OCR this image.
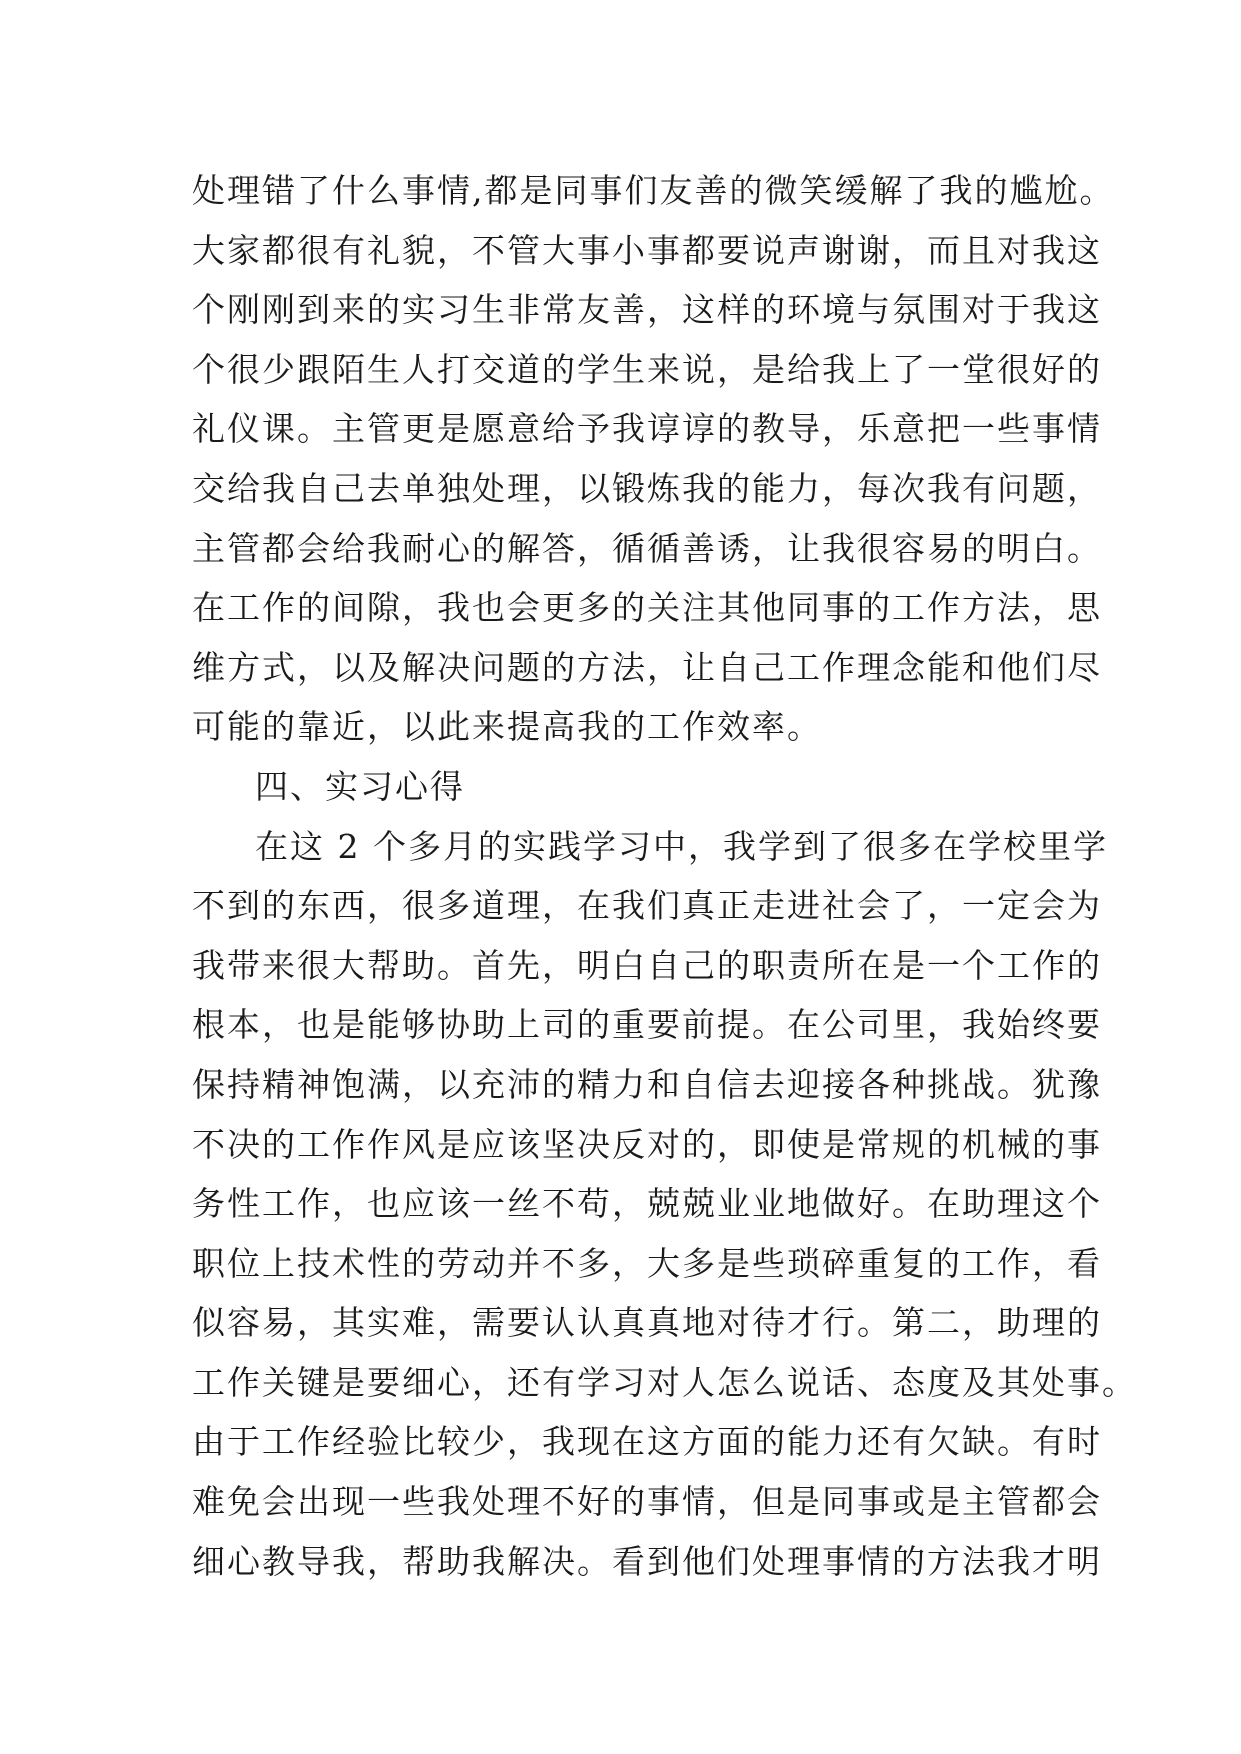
处理错了什么事情,都是同事们友善的微笑缓解了我的尴尬。
大家都很有礼貌，不管大事小事都要说声谢谢，而且对我这
个刚刚到来的实习生非常友善，这样的环境与氛围对于我这
个很少跟陌生人打交道的学生来说，是给我上了一堂很好的
礼仪课。主管更是愿意给予我谆谆的教导，乐意把一些事情
交给我自己去单独处理，以锻炼我的能力，每次我有问题，
主管都会给我耐心的解答，循循善诱，让我很容易的明白。
在工作的间隙，我也会更多的关注其他同事的工作方法，思
维方式，以及解决问题的方法，让自己工作理念能和他们尽
可能的靠近，以此来提高我的工作效率。
四、实习心得
在这 2 个多月的实践学习中，我学到了很多在学校里学
不到的东西，很多道理，在我们真正走进社会了，一定会为
我带来很大帮助。首先，明白自己的职责所在是一个工作的
根本，也是能够协助上司的重要前提。在公司里，我始终要
保持精神饱满，以充沛的精力和自信去迎接各种挑战。犹豫
不决的工作作风是应该坚决反对的，即使是常规的机械的事
务性工作，也应该一丝不苟，兢兢业业地做好。在助理这个
职位上技术性的劳动并不多，大多是些琐碎重复的工作，看
似容易，其实难，需要认认真真地对待才行。第二，助理的
工作关键是要细心，还有学习对人怎么说话、态度及其处事。
由于工作经验比较少，我现在这方面的能力还有欠缺。有时
难免会出现一些我处理不好的事情，但是同事或是主管都会
细心教导我，帮助我解决。看到他们处理事情的方法我才明
